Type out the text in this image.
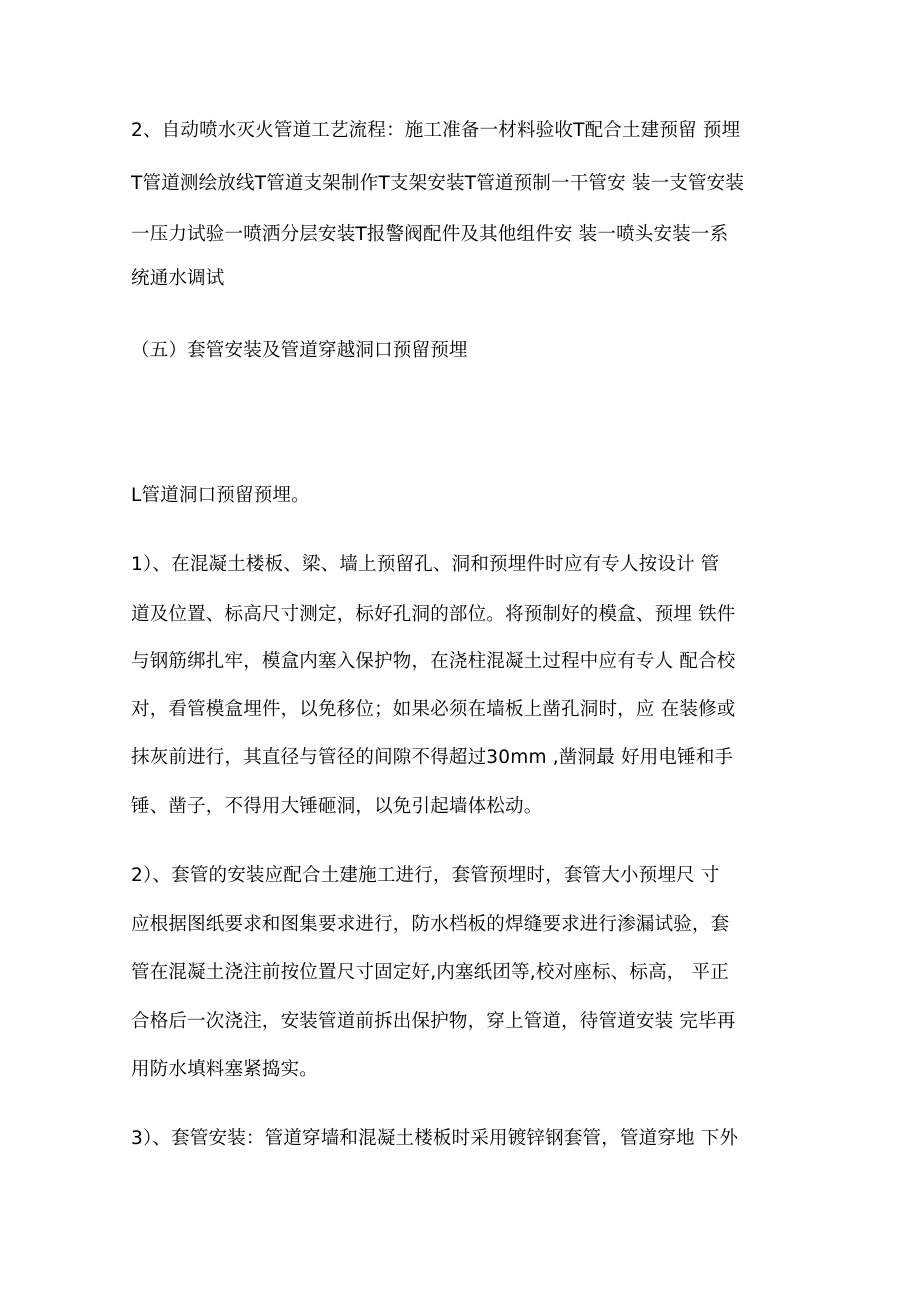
2、自动喷水灭火管道工艺流程：施工准备一材料验收T配合土建预留 预埋
T管道测绘放线T管道支架制作T支架安装T管道预制一干管安 装一支管安装
一压力试验一喷洒分层安装T报警阀配件及其他组件安 装一喷头安装一系
统通水调试
（五）套管安装及管道穿越洞口预留预埋
L管道洞口预留预埋。
1）、在混凝土楼板、梁、墙上预留孔、洞和预埋件时应有专人按设计 管
道及位置、标高尺寸测定，标好孔洞的部位。将预制好的模盒、预埋 铁件
与钢筋绑扎牢，模盒内塞入保护物，在浇柱混凝土过程中应有专人 配合校
对，看管模盒埋件，以免移位；如果必须在墙板上凿孔洞时，应 在装修或
抹灰前进行，其直径与管径的间隙不得超过30mm ,凿洞最 好用电锤和手
锤、凿子，不得用大锤砸洞，以免引起墙体松动。
2）、套管的安装应配合土建施工进行，套管预埋时，套管大小预埋尺 寸
应根据图纸要求和图集要求进行，防水档板的焊缝要求进行渗漏试验，套
管在混凝土浇注前按位置尺寸固定好,内塞纸团等,校对座标、标高， 平正
合格后一次浇注，安装管道前拆出保护物，穿上管道，待管道安装 完毕再
用防水填料塞紧捣实。
3）、套管安装：管道穿墙和混凝土楼板时采用镀锌钢套管，管道穿地 下外
